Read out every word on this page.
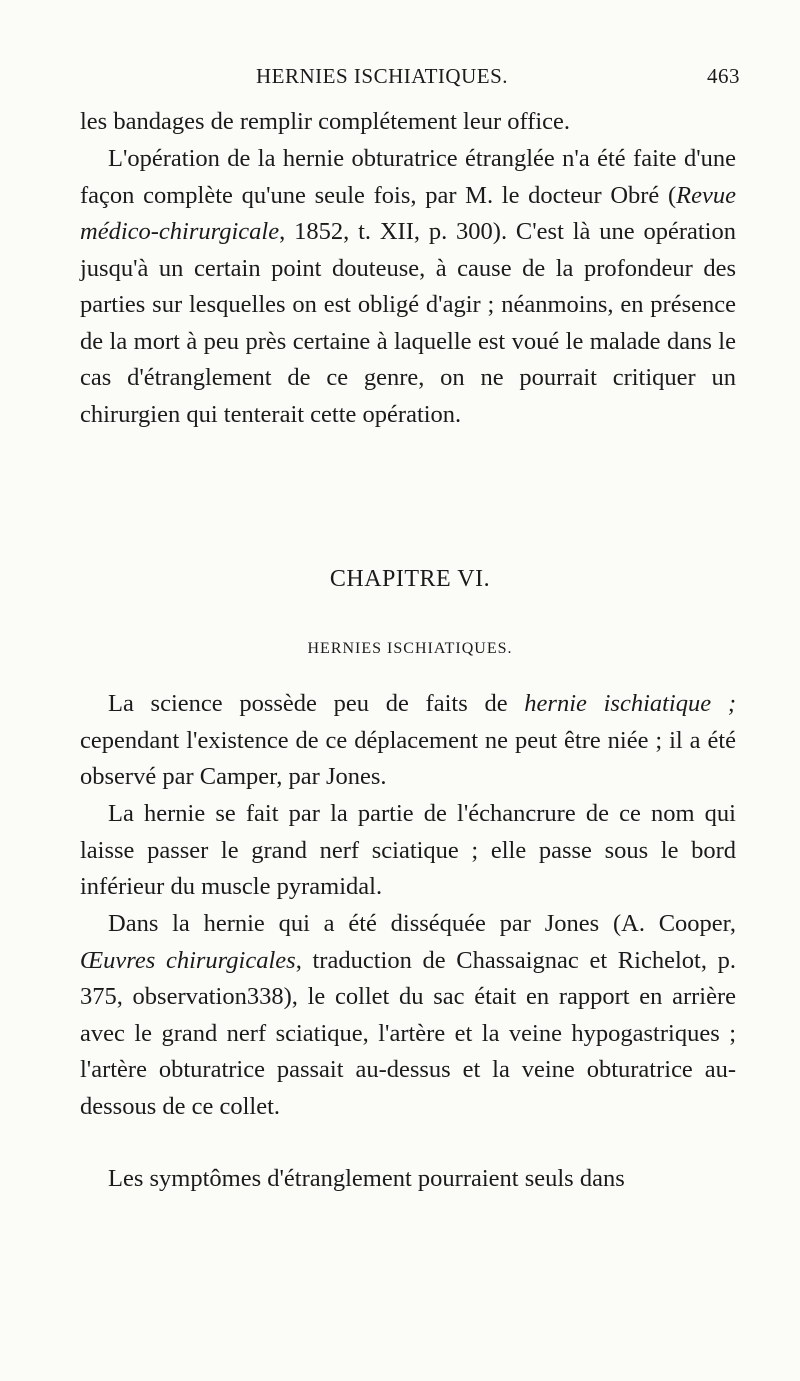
HERNIES ISCHIATIQUES.	463

les bandages de remplir complétement leur office.

L'opération de la hernie obturatrice étranglée n'a été faite d'une façon complète qu'une seule fois, par M. le docteur Obré (Revue médico-chirurgicale, 1852, t. XII, p. 300). C'est là une opération jusqu'à un certain point douteuse, à cause de la profondeur des parties sur lesquelles on est obligé d'agir ; néanmoins, en présence de la mort à peu près certaine à laquelle est voué le malade dans le cas d'étranglement de ce genre, on ne pourrait critiquer un chirurgien qui tenterait cette opération.

CHAPITRE VI.
HERNIES ISCHIATIQUES.

La science possède peu de faits de hernie ischiatique ; cependant l'existence de ce déplacement ne peut être niée ; il a été observé par Camper, par Jones.

La hernie se fait par la partie de l'échancrure de ce nom qui laisse passer le grand nerf sciatique ; elle passe sous le bord inférieur du muscle pyramidal.

Dans la hernie qui a été disséquée par Jones (A. Cooper, Œuvres chirurgicales, traduction de Chassaignac et Richelot, p. 375, observation338), le collet du sac était en rapport en arrière avec le grand nerf sciatique, l'artère et la veine hypogastriques ; l'artère obturatrice passait au-dessus et la veine obturatrice au-dessous de ce collet.

Les symptômes d'étranglement pourraient seuls dans
